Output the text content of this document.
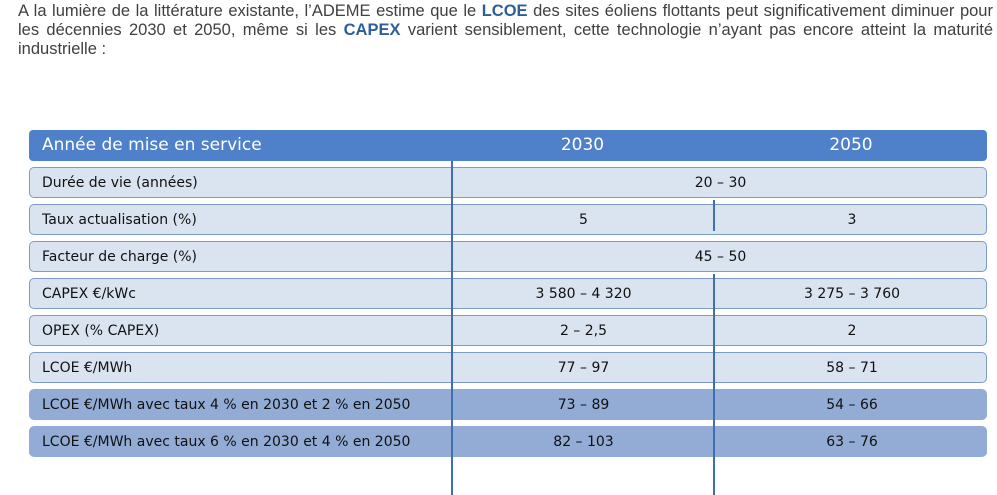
A la lumière de la littérature existante, l’ADEME estime que le LCOE des sites éoliens flottants peut significativement diminuer pour les décennies 2030 et 2050, même si les CAPEX varient sensiblement, cette technologie n’ayant pas encore atteint la maturité industrielle :
Année de mise en service	2030	2050
Durée de vie (années)	20 – 30
Taux actualisation (%)	5	3
Facteur de charge (%)	45 – 50
CAPEX €/kWc	3 580 – 4 320	3 275 – 3 760
OPEX (% CAPEX)	2 – 2,5	2
LCOE €/MWh	77 – 97	58 – 71
LCOE €/MWh avec taux 4 % en 2030 et 2 % en 2050	73 – 89	54 – 66
LCOE €/MWh avec taux 6 % en 2030 et 4 % en 2050	82 – 103	63 – 76
